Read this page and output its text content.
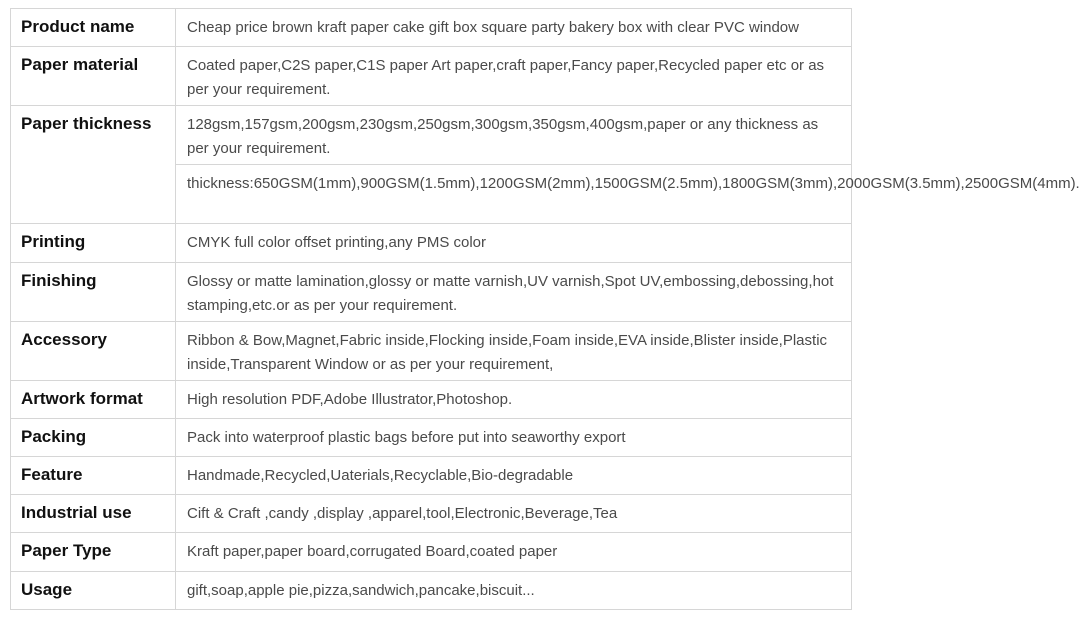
Product name	Cheap price brown kraft paper cake gift box square party bakery box with clear PVC window
Paper material	Coated paper,C2S paper,C1S paper Art paper,craft paper,Fancy paper,Recycled paper etc or as per your requirement.
Paper thickness	128gsm,157gsm,200gsm,230gsm,250gsm,300gsm,350gsm,400gsm,paper or any thickness as per your requirement.
	thickness:650GSM(1mm),900GSM(1.5mm),1200GSM(2mm),1500GSM(2.5mm),1800GSM(3mm),2000GSM(3.5mm),2500GSM(4mm).
Printing	CMYK full color offset printing,any PMS color
Finishing	Glossy or matte lamination,glossy or matte varnish,UV varnish,Spot UV,embossing,debossing,hot stamping,etc.or as per your requirement.
Accessory	Ribbon & Bow,Magnet,Fabric inside,Flocking inside,Foam inside,EVA inside,Blister inside,Plastic inside,Transparent Window or as per your requirement,
Artwork format	High resolution PDF,Adobe Illustrator,Photoshop.
Packing	Pack into waterproof plastic bags before put into seaworthy export
Feature	Handmade,Recycled,Uaterials,Recyclable,Bio-degradable
Industrial use	Cift & Craft ,candy ,display ,apparel,tool,Electronic,Beverage,Tea
Paper Type	Kraft paper,paper board,corrugated Board,coated paper
Usage	gift,soap,apple pie,pizza,sandwich,pancake,biscuit...
